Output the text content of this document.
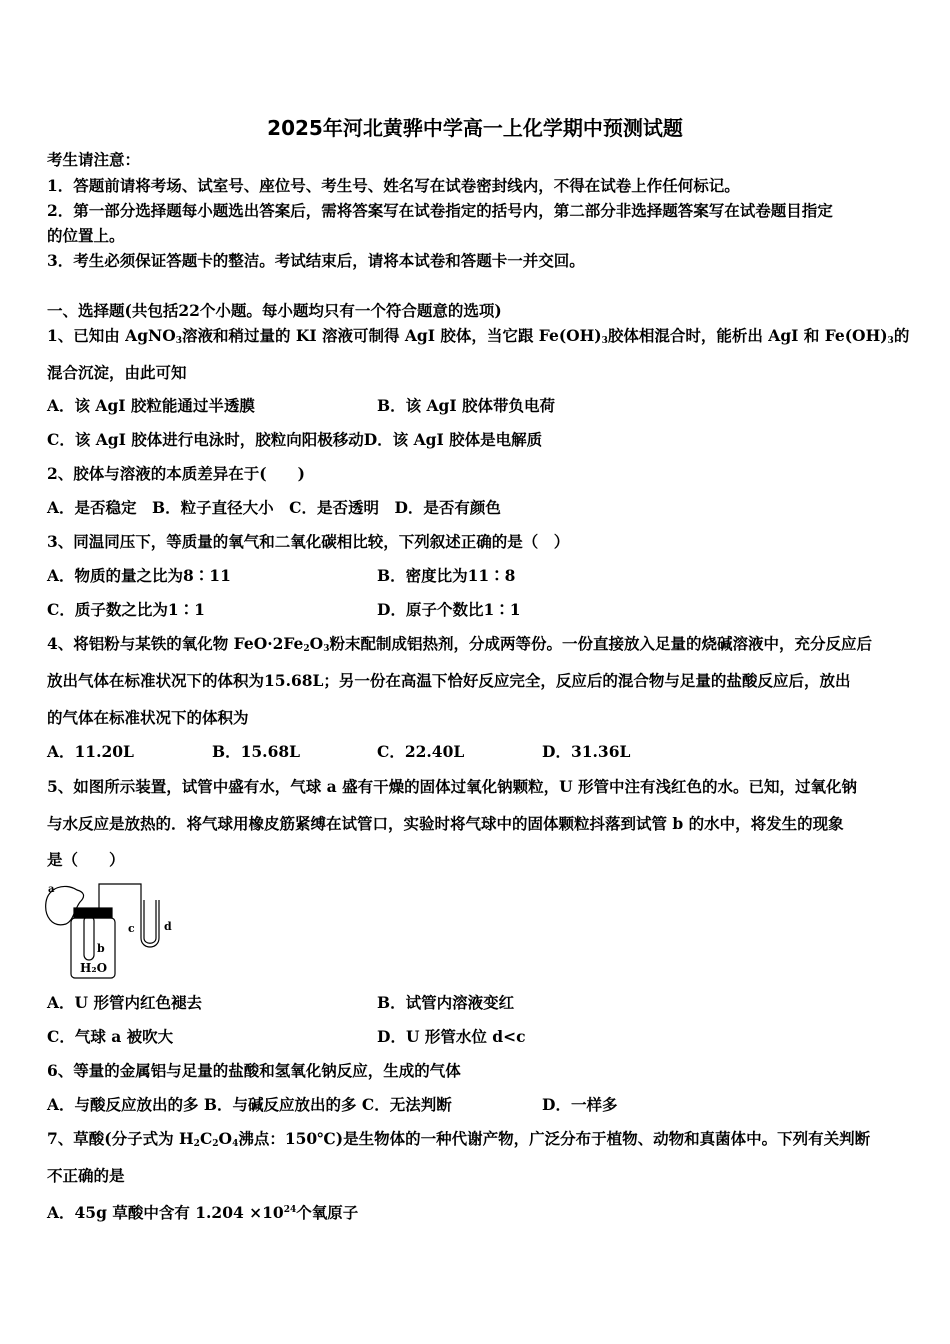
2025年河北黄骅中学高一上化学期中预测试题
考生请注意：
1．答题前请将考场、试室号、座位号、考生号、姓名写在试卷密封线内，不得在试卷上作任何标记。
2．第一部分选择题每小题选出答案后，需将答案写在试卷指定的括号内，第二部分非选择题答案写在试卷题目指定
的位置上。
3．考生必须保证答题卡的整洁。考试结束后，请将本试卷和答题卡一并交回。
一、选择题(共包括22个小题。每小题均只有一个符合题意的选项)
1、已知由 AgNO$_3$溶液和稍过量的 KI 溶液可制得 AgI 胶体，当它跟 $Fe(OH)_3$胶体相混合时，能析出 AgI 和 $Fe(OH)_3$的
混合沉淀，由此可知
A．该 AgI 胶粒能通过半透膜	B．该 AgI 胶体带负电荷
C．该 AgI 胶体进行电泳时，胶粒向阳极移动D．该 AgI 胶体是电解质
2、胶体与溶液的本质差异在于(　　)
A．是否稳定　B．粒子直径大小　C．是否透明　D．是否有颜色
3、同温同压下，等质量的氧气和二氧化碳相比较，下列叙述正确的是（　）
A．物质的量之比为8∶11	B．密度比为11∶8
C．质子数之比为1∶1	D．原子个数比1∶1
4、将铝粉与某铁的氧化物 $FeO\cdot 2Fe_2O_3$粉末配制成铝热剂，分成两等份。一份直接放入足量的烧碱溶液中，充分反应后
放出气体在标准状况下的体积为15.68L；另一份在高温下恰好反应完全，反应后的混合物与足量的盐酸反应后，放出
的气体在标准状况下的体积为
A．11.20L	B．15.68L	C．22.40L	D．31.36L
5、如图所示装置，试管中盛有水，气球 a 盛有干燥的固体过氧化钠颗粒，U 形管中注有浅红色的水。已知，过氧化钠
与水反应是放热的．将气球用橡皮筋紧缚在试管口，实验时将气球中的固体颗粒抖落到试管 b 的水中，将发生的现象
是（　　）
A．U 形管内红色褪去	B．试管内溶液变红
C．气球 a 被吹大	D．U 形管水位 d<c
6、等量的金属铝与足量的盐酸和氢氧化钠反应，生成的气体
A．与酸反应放出的多 B．与碱反应放出的多 C．无法判断	D．一样多
7、草酸(分子式为 $H_2C_2O_4$沸点：150℃)是生物体的一种代谢产物，广泛分布于植物、动物和真菌体中。下列有关判断
不正确的是
A．45g 草酸中含有 $1.204 \times 10^{24}$个氧原子
a
b
c	d
H₂O
